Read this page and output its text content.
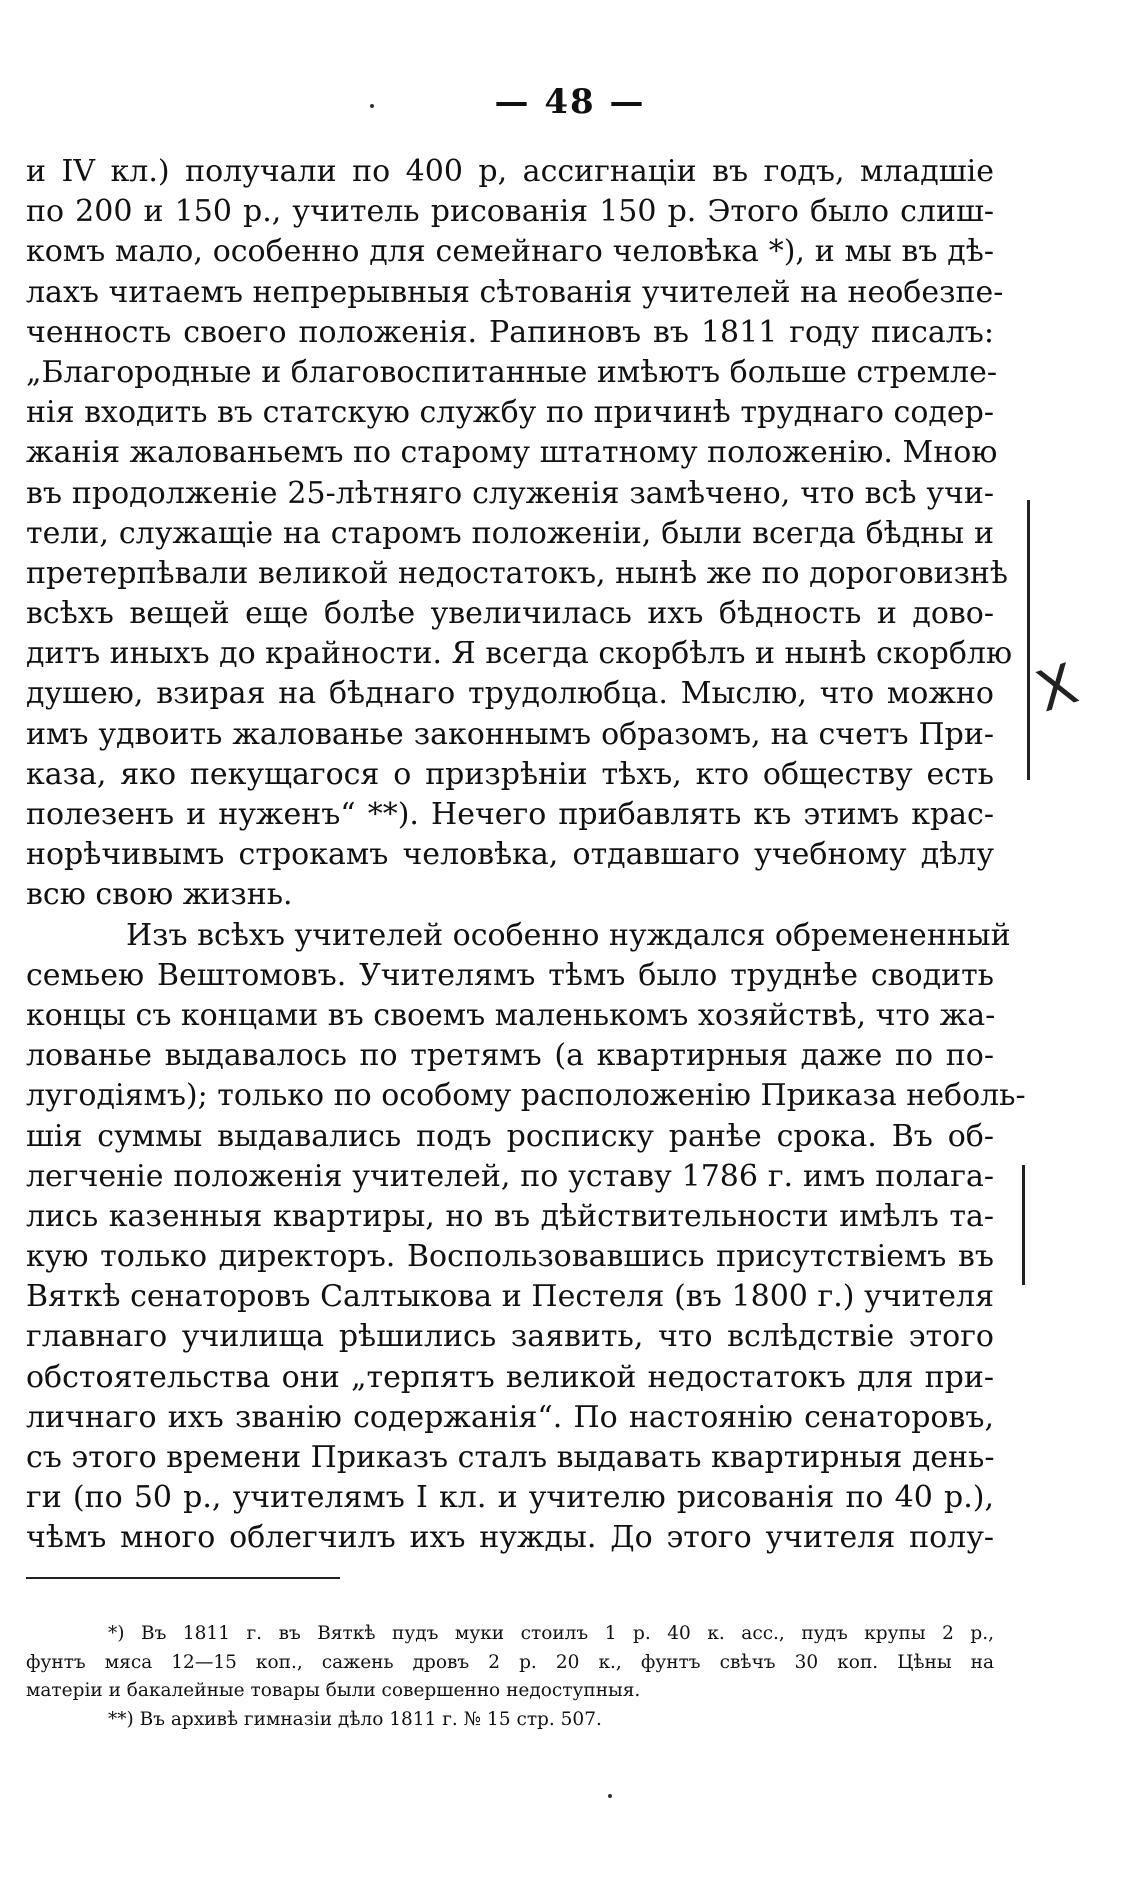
— 48 —
и IV кл.) получали по 400 р, ассигнацiи въ годъ, младшiе
по 200 и 150 р., учитель рисованiя 150 р. Этого было слиш-
комъ мало, особенно для семейнаго человѣка *), и мы въ дѣ-
лахъ читаемъ непрерывныя сѣтованiя учителей на необезпе-
ченность своего положенiя. Рапиновъ въ 1811 году писалъ:
„Благородные и благовоспитанные имѣютъ больше стремле-
нiя входить въ статскую службу по причинѣ труднаго содер-
жанiя жалованьемъ по старому штатному положенiю. Мною
въ продолженiе 25-лѣтняго служенiя замѣчено, что всѣ учи-
тели, служащiе на старомъ положенiи, были всегда бѣдны и
претерпѣвали великой недостатокъ, нынѣ же по дороговизнѣ
всѣхъ вещей еще болѣе увеличилась ихъ бѣдность и дово-
дитъ иныхъ до крайности. Я всегда скорбѣлъ и нынѣ скорблю
душею, взирая на бѣднаго трудолюбца. Мыслю, что можно
имъ удвоить жалованье законнымъ образомъ, на счетъ При-
каза, яко пекущагося о призрѣнiи тѣхъ, кто обществу есть
полезенъ и нуженъ“ **). Нечего прибавлять къ этимъ крас-
норѣчивымъ строкамъ человѣка, отдавшаго учебному дѣлу
всю свою жизнь.
Изъ всѣхъ учителей особенно нуждался обремененный
семьею Вештомовъ. Учителямъ тѣмъ было труднѣе сводить
концы съ концами въ своемъ маленькомъ хозяйствѣ, что жа-
лованье выдавалось по третямъ (а квартирныя даже по по-
лугодiямъ); только по особому расположенiю Приказа неболь-
шiя суммы выдавались подъ росписку ранѣе срока. Въ об-
легченiе положенiя учителей, по уставу 1786 г. имъ полага-
лись казенныя квартиры, но въ дѣйствительности имѣлъ та-
кую только директоръ. Воспользовавшись присутствiемъ въ
Вяткѣ сенаторовъ Салтыкова и Пестеля (въ 1800 г.) учителя
главнаго училища рѣшились заявить, что вслѣдствiе этого
обстоятельства они „терпятъ великой недостатокъ для при-
личнаго ихъ званiю содержанiя“. По настоянiю сенаторовъ,
съ этого времени Приказъ сталъ выдавать квартирныя день-
ги (по 50 р., учителямъ I кл. и учителю рисованiя по 40 р.),
чѣмъ много облегчилъ ихъ нужды. До этого учителя полу-
*) Въ 1811 г. въ Вяткѣ пудъ муки стоилъ 1 р. 40 к. асс., пудъ крупы 2 р.,
фунтъ мяса 12—15 коп., сажень дровъ 2 р. 20 к., фунтъ свѣчъ 30 коп. Цѣны на
матерiи и бакалейные товары были совершенно недоступныя.
**) Въ архивѣ гимназiи дѣло 1811 г. № 15 стр. 507.
X
